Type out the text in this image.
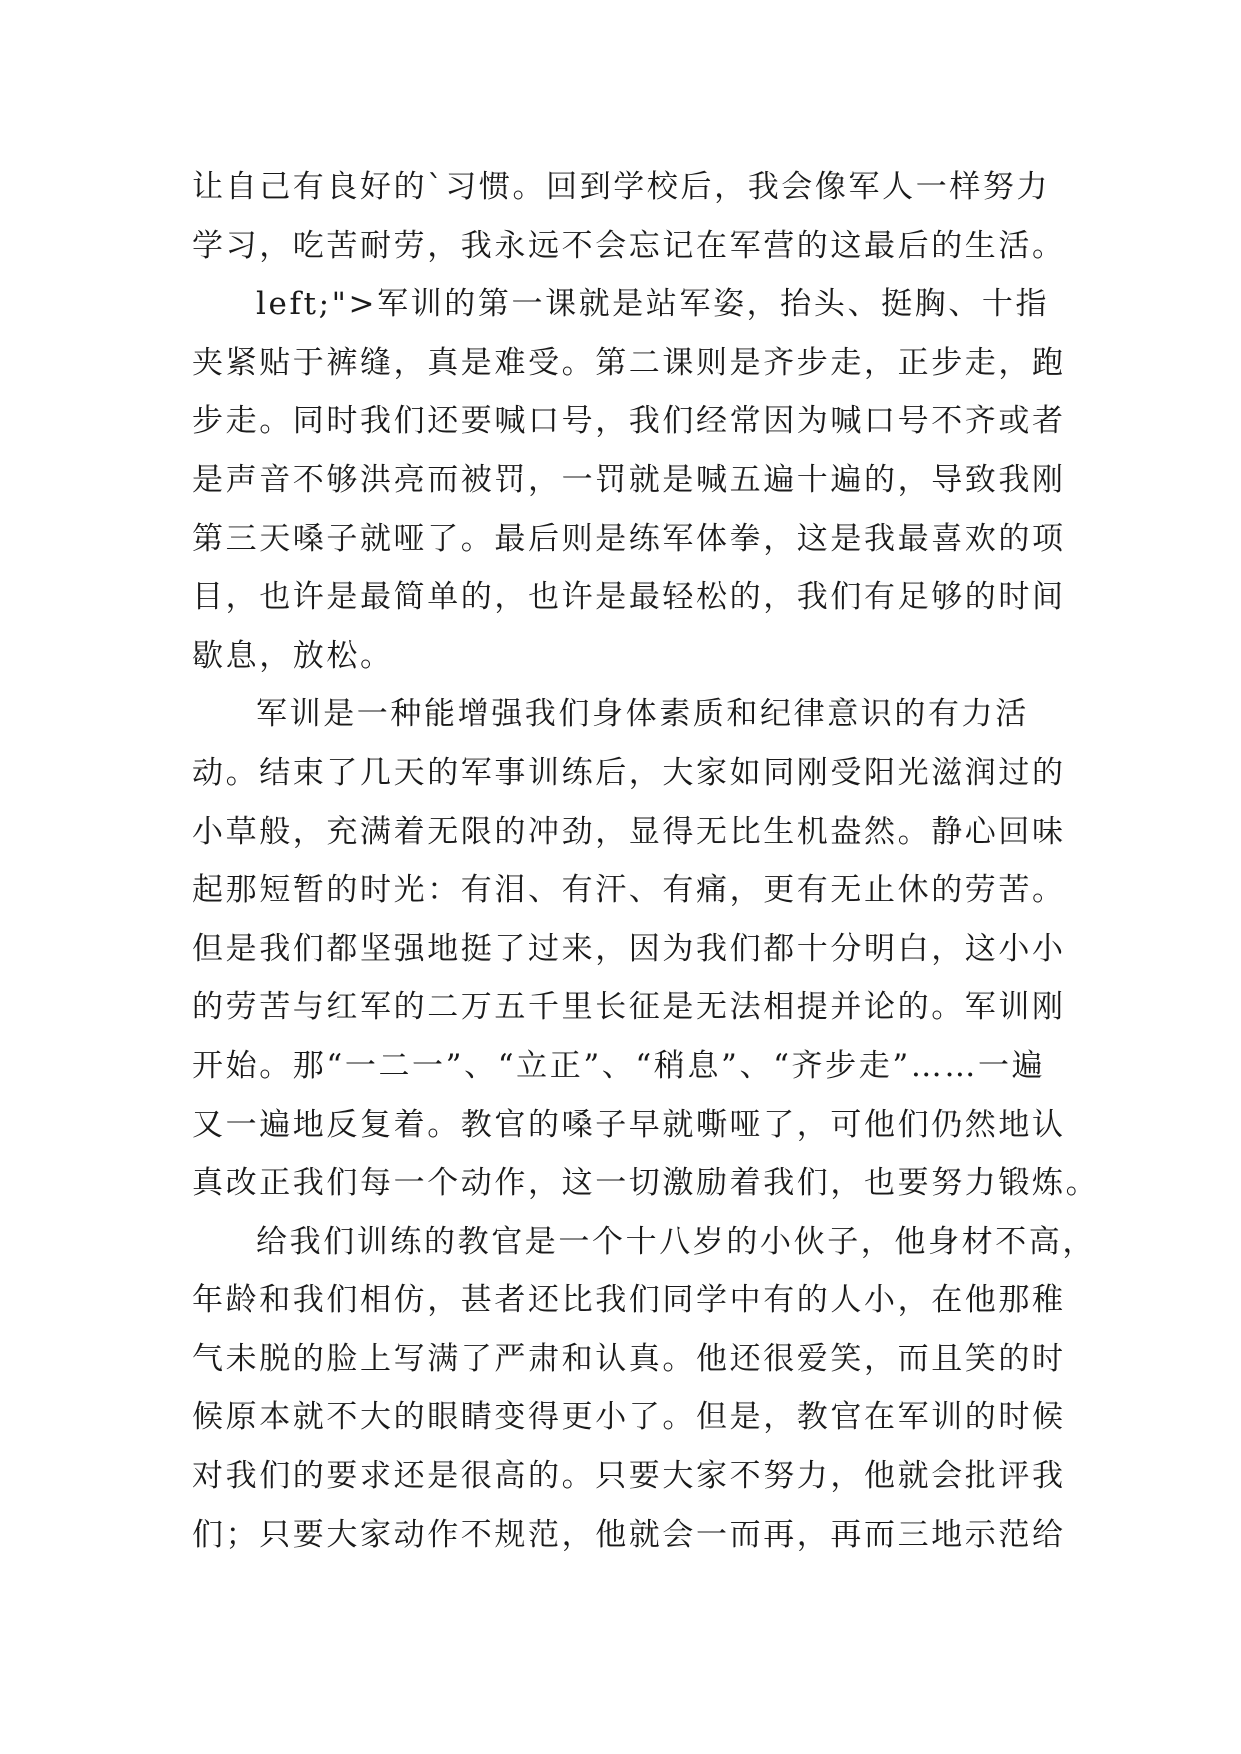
让自己有良好的`习惯。回到学校后，我会像军人一样努力
学习，吃苦耐劳，我永远不会忘记在军营的这最后的生活。
left;">军训的第一课就是站军姿，抬头、挺胸、十指
夹紧贴于裤缝，真是难受。第二课则是齐步走，正步走，跑
步走。同时我们还要喊口号，我们经常因为喊口号不齐或者
是声音不够洪亮而被罚，一罚就是喊五遍十遍的，导致我刚
第三天嗓子就哑了。最后则是练军体拳，这是我最喜欢的项
目，也许是最简单的，也许是最轻松的，我们有足够的时间
歇息，放松。
军训是一种能增强我们身体素质和纪律意识的有力活
动。结束了几天的军事训练后，大家如同刚受阳光滋润过的
小草般，充满着无限的冲劲，显得无比生机盎然。静心回味
起那短暂的时光：有泪、有汗、有痛，更有无止休的劳苦。
但是我们都坚强地挺了过来，因为我们都十分明白，这小小
的劳苦与红军的二万五千里长征是无法相提并论的。军训刚
开始。那“一二一”、“立正”、“稍息”、“齐步走”……一遍
又一遍地反复着。教官的嗓子早就嘶哑了，可他们仍然地认
真改正我们每一个动作，这一切激励着我们，也要努力锻炼。
给我们训练的教官是一个十八岁的小伙子，他身材不高，
年龄和我们相仿，甚者还比我们同学中有的人小，在他那稚
气未脱的脸上写满了严肃和认真。他还很爱笑，而且笑的时
候原本就不大的眼睛变得更小了。但是，教官在军训的时候
对我们的要求还是很高的。只要大家不努力，他就会批评我
们；只要大家动作不规范，他就会一而再，再而三地示范给
